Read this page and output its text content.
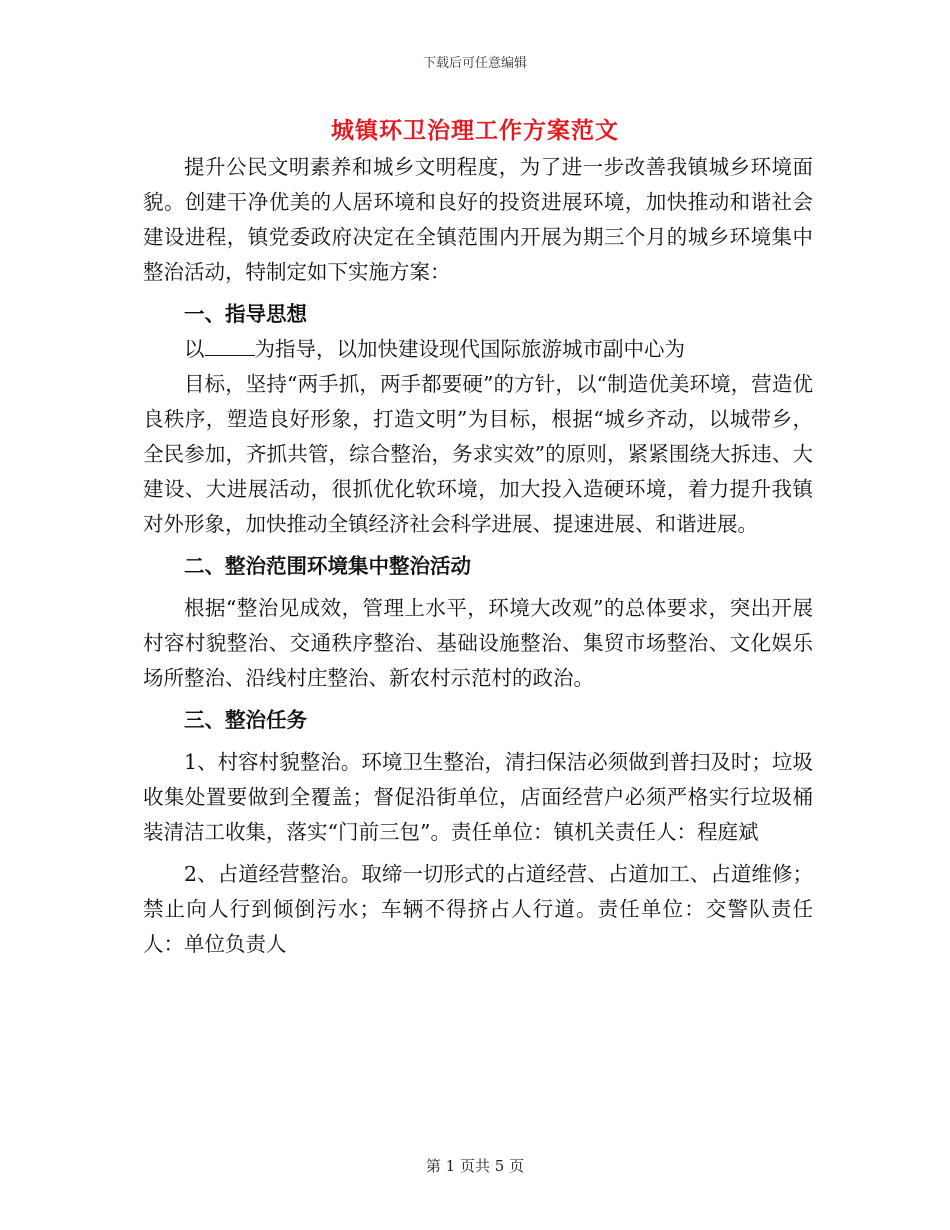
下载后可任意编辑
城镇环卫治理工作方案范文

提升公民文明素养和城乡文明程度，为了进一步改善我镇城乡环境面貌。创建干净优美的人居环境和良好的投资进展环境，加快推动和谐社会建设进程，镇党委政府决定在全镇范围内开展为期三个月的城乡环境集中整治活动，特制定如下实施方案：

一、指导思想

以 为指导，以加快建设现代国际旅游城市副中心为

目标，坚持“两手抓，两手都要硬”的方针，以“制造优美环境，营造优良秩序，塑造良好形象，打造文明”为目标，根据“城乡齐动，以城带乡，全民参加，齐抓共管，综合整治，务求实效”的原则，紧紧围绕大拆违、大建设、大进展活动，很抓优化软环境，加大投入造硬环境，着力提升我镇对外形象，加快推动全镇经济社会科学进展、提速进展、和谐进展。

二、整治范围环境集中整治活动

根据“整治见成效，管理上水平，环境大改观”的总体要求，突出开展村容村貌整治、交通秩序整治、基础设施整治、集贸市场整治、文化娱乐场所整治、沿线村庄整治、新农村示范村的政治。

三、整治任务

1、村容村貌整治。环境卫生整治，清扫保洁必须做到普扫及时；垃圾收集处置要做到全覆盖；督促沿街单位，店面经营户必须严格实行垃圾桶装清洁工收集，落实“门前三包”。责任单位：镇机关责任人：程庭斌

2、占道经营整治。取缔一切形式的占道经营、占道加工、占道维修；禁止向人行到倾倒污水；车辆不得挤占人行道。责任单位：交警队责任人：单位负责人

第 1 页共 5 页
